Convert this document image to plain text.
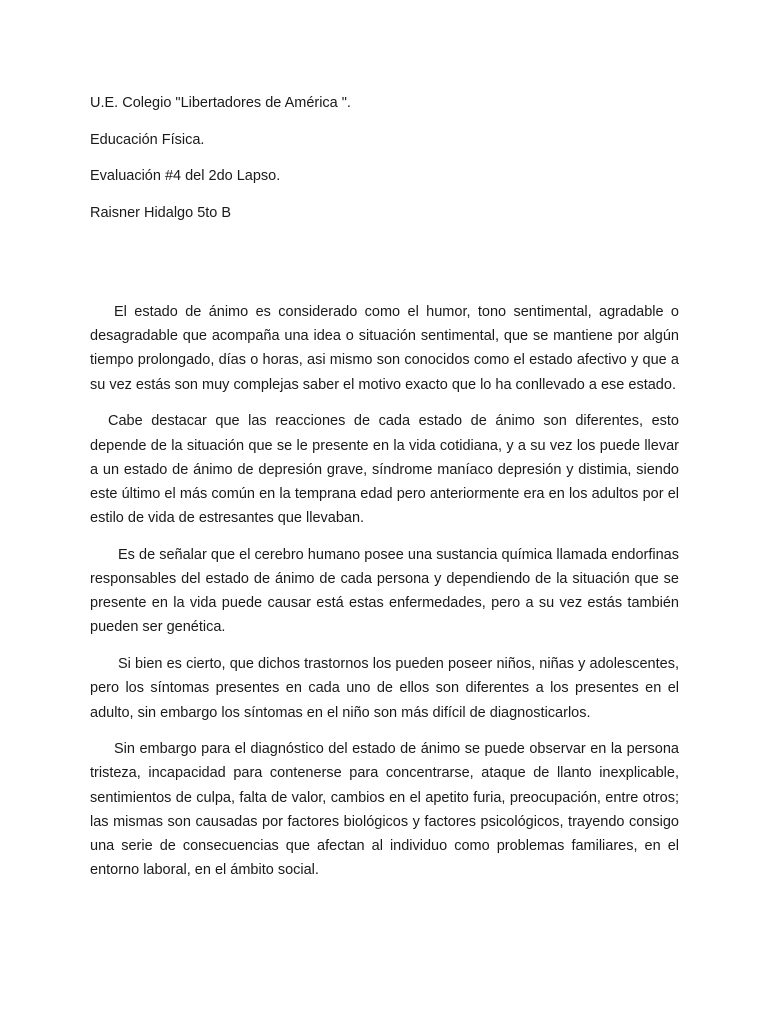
U.E. Colegio "Libertadores de América ".

Educación Física.

Evaluación #4 del 2do Lapso.

Raisner Hidalgo 5to B

El estado de ánimo es considerado como el humor, tono sentimental, agradable o desagradable que acompaña una idea o situación sentimental, que se mantiene por algún tiempo prolongado, días o horas, asi mismo son conocidos como el estado afectivo y que a su vez estás son muy complejas saber el motivo exacto que lo ha conllevado a ese estado.

Cabe destacar que las reacciones de cada estado de ánimo son diferentes, esto depende de la situación que se le presente en la vida cotidiana, y a su vez los puede llevar a un estado de ánimo de depresión grave, síndrome maníaco depresión y distimia, siendo este último el más común en la temprana edad pero anteriormente era en los adultos por el estilo de vida de estresantes que llevaban.

Es de señalar que el cerebro humano posee una sustancia química llamada endorfinas responsables del estado de ánimo de cada persona y dependiendo de la situación que se presente en la vida puede causar está estas enfermedades, pero a su vez estás también pueden ser genética.

Si bien es cierto, que dichos trastornos los pueden poseer niños, niñas y adolescentes, pero los síntomas presentes en cada uno de ellos son diferentes a los presentes en el adulto, sin embargo los síntomas en el niño son más difícil de diagnosticarlos.

Sin embargo para el diagnóstico del estado de ánimo se puede observar en la persona tristeza, incapacidad para contenerse para concentrarse, ataque de llanto inexplicable, sentimientos de culpa, falta de valor, cambios en el apetito furia, preocupación, entre otros; las mismas son causadas por factores biológicos y factores psicológicos, trayendo consigo una serie de consecuencias que afectan al individuo como problemas familiares, en el entorno laboral, en el ámbito social.
